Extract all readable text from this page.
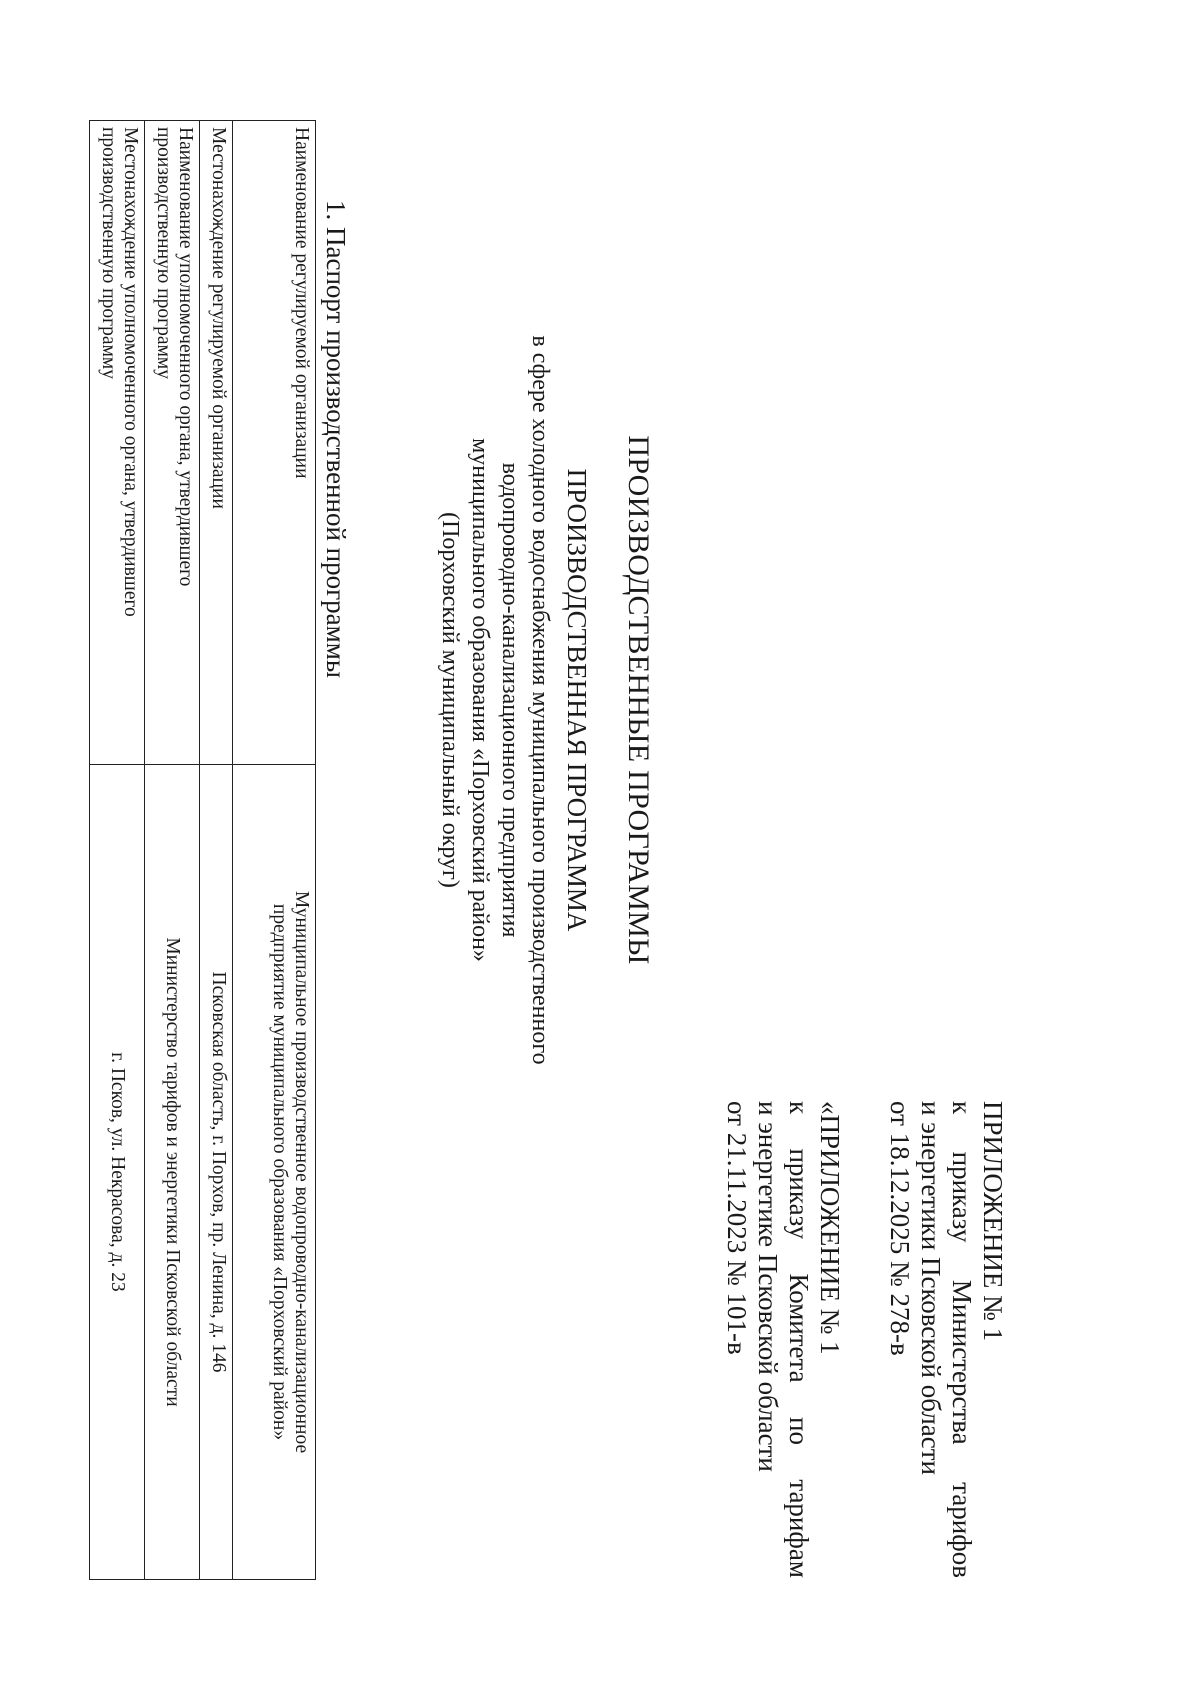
ПРИЛОЖЕНИЕ № 1
к
приказу
Министерства
тарифов
и энергетики Псковской области
от 18.12.2025 № 278-в
«ПРИЛОЖЕНИЕ № 1
к
приказу
Комитета
по
тарифам
и энергетике Псковской области
от 21.11.2023 № 101-в
ПРОИЗВОДСТВЕННЫЕ ПРОГРАММЫ
ПРОИЗВОДСТВЕННАЯ ПРОГРАММА
в сфере холодного водоснабжения муниципального производственного
водопроводно-канализационного предприятия
муниципального образования «Порховский район»
(Порховский муниципальный округ)
1. Паспорт производственной программы
Наименование регулируемой организации	Муниципальное производственное водопроводно-канализационное
предприятие муниципального образования «Порховский район»

Местонахождение регулируемой организации	Псковская область, г. Порхов, пр. Ленина, д. 146

Наименование уполномоченного органа, утвердившего
производственную программу	Министерство тарифов и энергетики Псковской области

Местонахождение уполномоченного органа, утвердившего
производственную программу	г. Псков, ул. Некрасова, д. 23
